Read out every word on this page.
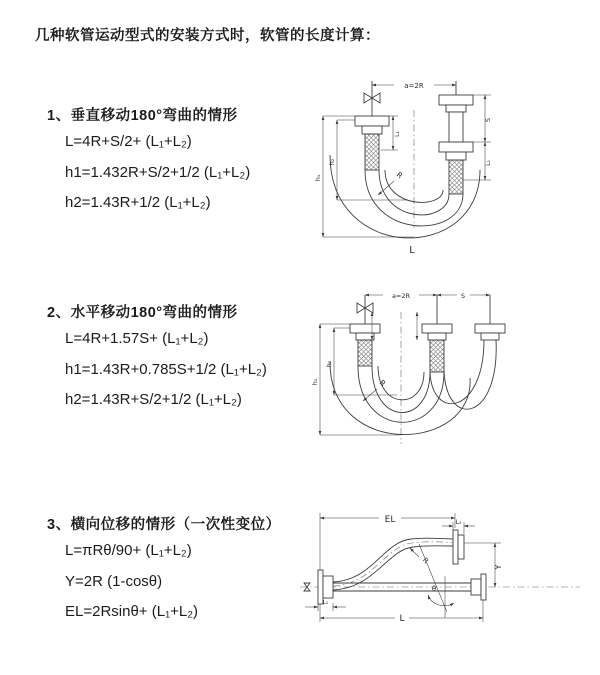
几种软管运动型式的安装方式时，软管的长度计算：
1、垂直移动180°弯曲的情形
L=4R+S/2+ (L₁+L₂)
h1=1.432R+S/2+1/2 (L₁+L₂)
h2=1.43R+1/2 (L₁+L₂)
2、水平移动180°弯曲的情形
L=4R+1.57S+ (L₁+L₂)
h1=1.43R+0.785S+1/2 (L₁+L₂)
h2=1.43R+S/2+1/2 (L₁+L₂)
3、横向位移的情形（一次性变位）
L=πRθ/90+ (L₁+L₂)
Y=2R (1-cosθ)
EL=2Rsinθ+ (L₁+L₂)
a=2R
R
h₁
h₂
L₁
S
L₂
L
a=2R	S
h₁
h₂
R
EL	L₂
Y
R
θ
L
L₁
